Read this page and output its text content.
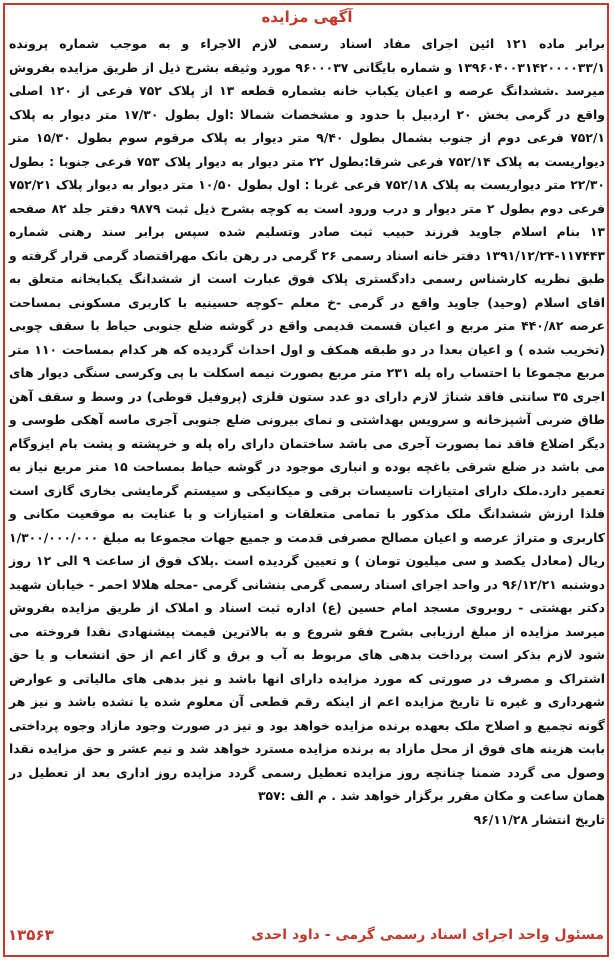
آگهی مزایده
برابر ماده ۱۲۱ ائین اجرای مفاد اسناد رسمی لازم الاجراء و به موجب شماره پرونده ۱۳۹۶۰۴۰۰۳۱۴۲۰۰۰۰۳۳/۱ و شماره بایگانی ۹۶۰۰۰۳۷ مورد وثیقه بشرح ذیل از طریق مزایده بفروش میرسد .ششدانگ عرصه و اعیان یکباب خانه بشماره قطعه ۱۳ از پلاک ۷۵۲ فرعی از ۱۲۰ اصلی واقع در گرمی بخش ۲۰ اردبیل با حدود و مشخصات شمالا :اول بطول ۱۷/۳۰ متر دیوار به پلاک ۷۵۲/۱ فرعی دوم از جنوب بشمال بطول ۹/۴۰ متر دیوار به پلاک مرقوم سوم بطول ۱۵/۳۰ متر دیواریست به پلاک ۷۵۲/۱۴ فرعی شرقا:بطول ۲۲ متر دیوار به دیوار پلاک ۷۵۳ فرعی جنوبا : بطول ۲۲/۳۰ متر دیواریست به پلاک ۷۵۲/۱۸ فرعی غربا : اول بطول ۱۰/۵۰ متر دیوار به دیوار پلاک ۷۵۲/۲۱ فرعی دوم بطول ۲ متر دیوار و درب ورود است به کوچه بشرح ذیل ثبت ۹۸۷۹ دفتر جلد ۸۲ صفحه ۱۳ بنام اسلام جاوید فرزند حبیب ثبت صادر وتسلیم شده سپس برابر سند رهنی شماره ۱۱۷۴۴۳-۱۳۹۱/۱۲/۲۴ دفتر خانه اسناد رسمی ۲۶ گرمی در رهن بانک مهراقتصاد گرمی قرار گرفته و طبق نظریه کارشناس رسمی دادگستری پلاک فوق عبارت است از ششدانگ یکبابخانه متعلق به اقای اسلام (وحید) جاوید واقع در گرمی -خ معلم –کوچه حسینیه با کاربری مسکونی بمساحت عرصه ۴۴۰/۸۲ متر مربع و اعیان قسمت قدیمی واقع در گوشه ضلع جنوبی حیاط با سقف چوبی (تخریب شده ) و اعیان بعدا در دو طبقه همکف و اول احداث گردیده که هر کدام بمساحت ۱۱۰ متر مربع مجموعا با احتساب راه پله ۲۳۱ متر مربع بصورت نیمه اسکلت با پی وکرسی سنگی دیوار های اجری ۳۵ سانتی فاقد شناژ لازم دارای دو عدد ستون فلزی (پروفیل قوطی) در وسط و سقف آهن طاق ضربی آشپزخانه و سرویس بهداشتی و نمای بیرونی ضلع جنوبی آجری ماسه آهکی طوسی و دیگر اضلاع فاقد نما بصورت آجری می باشد ساختمان دارای راه پله و خرپشته و پشت بام ایزوگام می باشد در ضلع شرقی باغچه بوده و انباری موجود در گوشه حیاط بمساحت ۱۵ متر مربع نیاز به تعمیر دارد.ملک دارای امتیازات تاسیسات برقی و میکانیکی و سیستم گرمایشی بخاری گازی است فلذا ارزش ششدانگ ملک مذکور با تمامی متعلقات و امتیازات و با عنایت به موقعیت مکانی و کاربری و متراژ عرصه و اعیان مصالح مصرفی قدمت و جمیع جهات مجموعا به مبلغ ۱/۳۰۰/۰۰۰/۰۰۰ ریال (معادل یکصد و سی میلیون تومان ) و تعیین گردیده است .پلاک فوق از ساعت ۹ الی ۱۲ روز دوشنبه ۹۶/۱۲/۲۱ در واحد اجرای اسناد رسمی گرمی بنشانی گرمی -محله هلالا احمر - خیابان شهید دکتر بهشتی - روبروی مسجد امام حسین (ع) اداره ثبت اسناد و املاک از طریق مزایده بفروش میرسد مزایده از مبلغ ارزیابی بشرح فقو شروع و به بالاترین قیمت پیشنهادی نقدا فروخته می شود لازم بذکر است پرداخت بدهی های مربوط به آب و برق و گاز اعم از حق انشعاب و یا حق اشتراک و مصرف در صورتی که مورد مزایده دارای انها باشد و نیز بدهی های مالیاتی و عوارض شهرداری و غیره تا تاریخ مزایده اعم از اینکه رقم قطعی آن معلوم شده یا نشده باشد و نیز هر گونه تجمیع و اصلاح ملک بعهده برنده مزایده خواهد بود و نیز در صورت وجود مازاد وجوه پرداختی بابت هزینه های فوق از محل مازاد به برنده مزایده مسترد خواهد شد و نیم عشر و حق مزایده نقدا وصول می گردد ضمنا چنانچه روز مزایده تعطیل رسمی گردد مزایده روز اداری بعد از تعطیل در همان ساعت و مکان مقرر برگزار خواهد شد . م الف :۳۵۷
تاریخ انتشار ۹۶/۱۱/۲۸
مسئول واحد اجرای اسناد رسمی گرمی - داود احدی
۱۳۵۶۳
